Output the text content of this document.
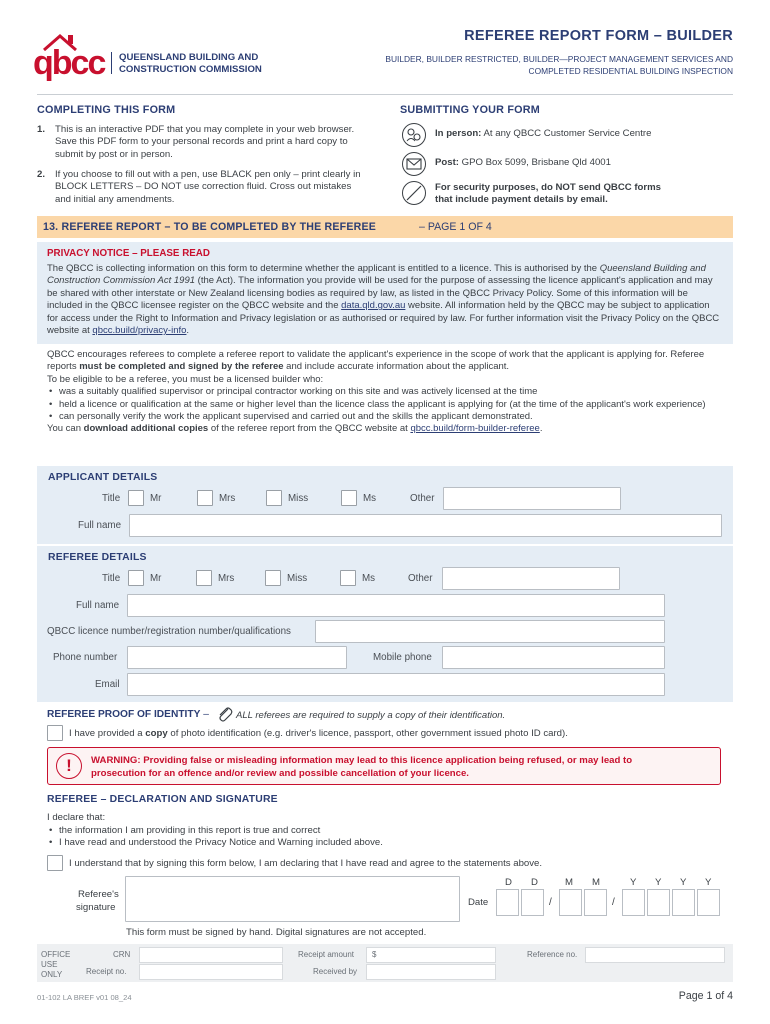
qbcc QUEENSLAND BUILDING AND
CONSTRUCTION COMMISSION
REFEREE REPORT FORM – BUILDER
BUILDER, BUILDER RESTRICTED, BUILDER—PROJECT MANAGEMENT SERVICES AND
COMPLETED RESIDENTIAL BUILDING INSPECTION
COMPLETING THIS FORM
1. This is an interactive PDF that you may complete in your web browser. Save this PDF form to your personal records and print a hard copy to submit by post or in person.
2. If you choose to fill out with a pen, use BLACK pen only – print clearly in BLOCK LETTERS – DO NOT use correction fluid. Cross out mistakes and initial any amendments.
SUBMITTING YOUR FORM
In person: At any QBCC Customer Service Centre
Post: GPO Box 5099, Brisbane Qld 4001
For security purposes, do NOT send QBCC forms
that include payment details by email.
13. REFEREE REPORT – TO BE COMPLETED BY THE REFEREE	– PAGE 1 OF 4
PRIVACY NOTICE – PLEASE READ
The QBCC is collecting information on this form to determine whether the applicant is entitled to a licence. This is authorised by the Queensland Building and Construction Commission Act 1991 (the Act). The information you provide will be used for the purpose of assessing the licence applicant's application and may be shared with other interstate or New Zealand licensing bodies as required by law, as listed in the QBCC Privacy Policy. Some of this information will be included in the QBCC licensee register on the QBCC website and the data.qld.gov.au website. All information held by the QBCC may be subject to application for access under the Right to Information and Privacy legislation or as authorised or required by law. For further information visit the Privacy Policy on the QBCC website at qbcc.build/privacy-info.
QBCC encourages referees to complete a referee report to validate the applicant's experience in the scope of work that the applicant is applying for. Referee reports must be completed and signed by the referee and include accurate information about the applicant.
To be eligible to be a referee, you must be a licensed builder who:
• was a suitably qualified supervisor or principal contractor working on this site and was actively licensed at the time
• held a licence or qualification at the same or higher level than the licence class the applicant is applying for (at the time of the applicant's work experience)
• can personally verify the work the applicant supervised and carried out and the skills the applicant demonstrated.
You can download additional copies of the referee report from the QBCC website at qbcc.build/form-builder-referee.
APPLICANT DETAILS
Title	Mr	Mrs	Miss	Ms	Other
Full name
REFEREE DETAILS
Title	Mr	Mrs	Miss	Ms	Other
Full name
QBCC licence number/registration number/qualifications
Phone number	Mobile phone
Email
REFEREE PROOF OF IDENTITY –	ALL referees are required to supply a copy of their identification.
I have provided a copy of photo identification (e.g. driver's licence, passport, other government issued photo ID card).
!	WARNING: Providing false or misleading information may lead to this licence application being refused, or may lead to
prosecution for an offence and/or review and possible cancellation of your licence.
REFEREE – DECLARATION AND SIGNATURE
I declare that:
• the information I am providing in this report is true and correct
• I have read and understood the Privacy Notice and Warning included above.
I understand that by signing this form below, I am declaring that I have read and agree to the statements above.
Referee's
signature
D D	M M	Y Y Y Y
Date	/	/
This form must be signed by hand. Digital signatures are not accepted.
OFFICE
USE
ONLY
CRN
Receipt no.
Receipt amount $
Received by
Reference no.
01-102 LA BREF v01 08_24	Page 1 of 4
